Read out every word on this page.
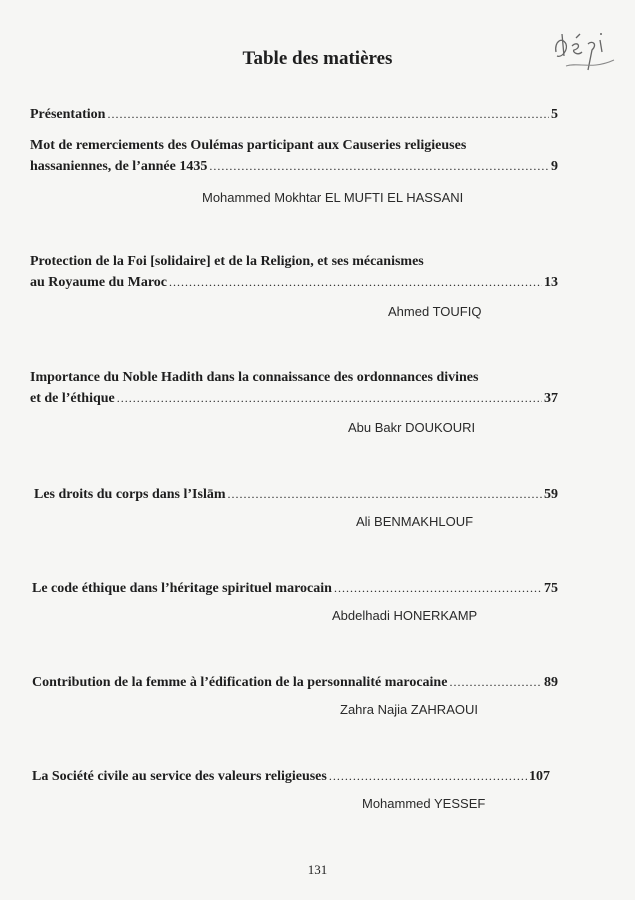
Table des matières
Présentation .....	5
Mot de remerciements des Oulémas participant aux Causeries religieuses
hassaniennes, de l’année 1435 .....	9
Mohammed Mokhtar EL MUFTI EL HASSANI
Protection de la Foi [solidaire] et de la Religion, et ses mécanismes
au Royaume du Maroc .....	13
Ahmed TOUFIQ
Importance du Noble Hadith dans la connaissance des ordonnances divines
et de l’éthique .....	37
Abu Bakr DOUKOURI
Les droits du corps dans l’Islām .....	59
Ali BENMAKHLOUF
Le code éthique dans l’héritage spirituel marocain .....	75
Abdelhadi HONERKAMP
Contribution de la femme à l’édification de la personnalité marocaine .....	89
Zahra Najia ZAHRAOUI
La Société civile au service des valeurs religieuses .....	107
Mohammed YESSEF
131
